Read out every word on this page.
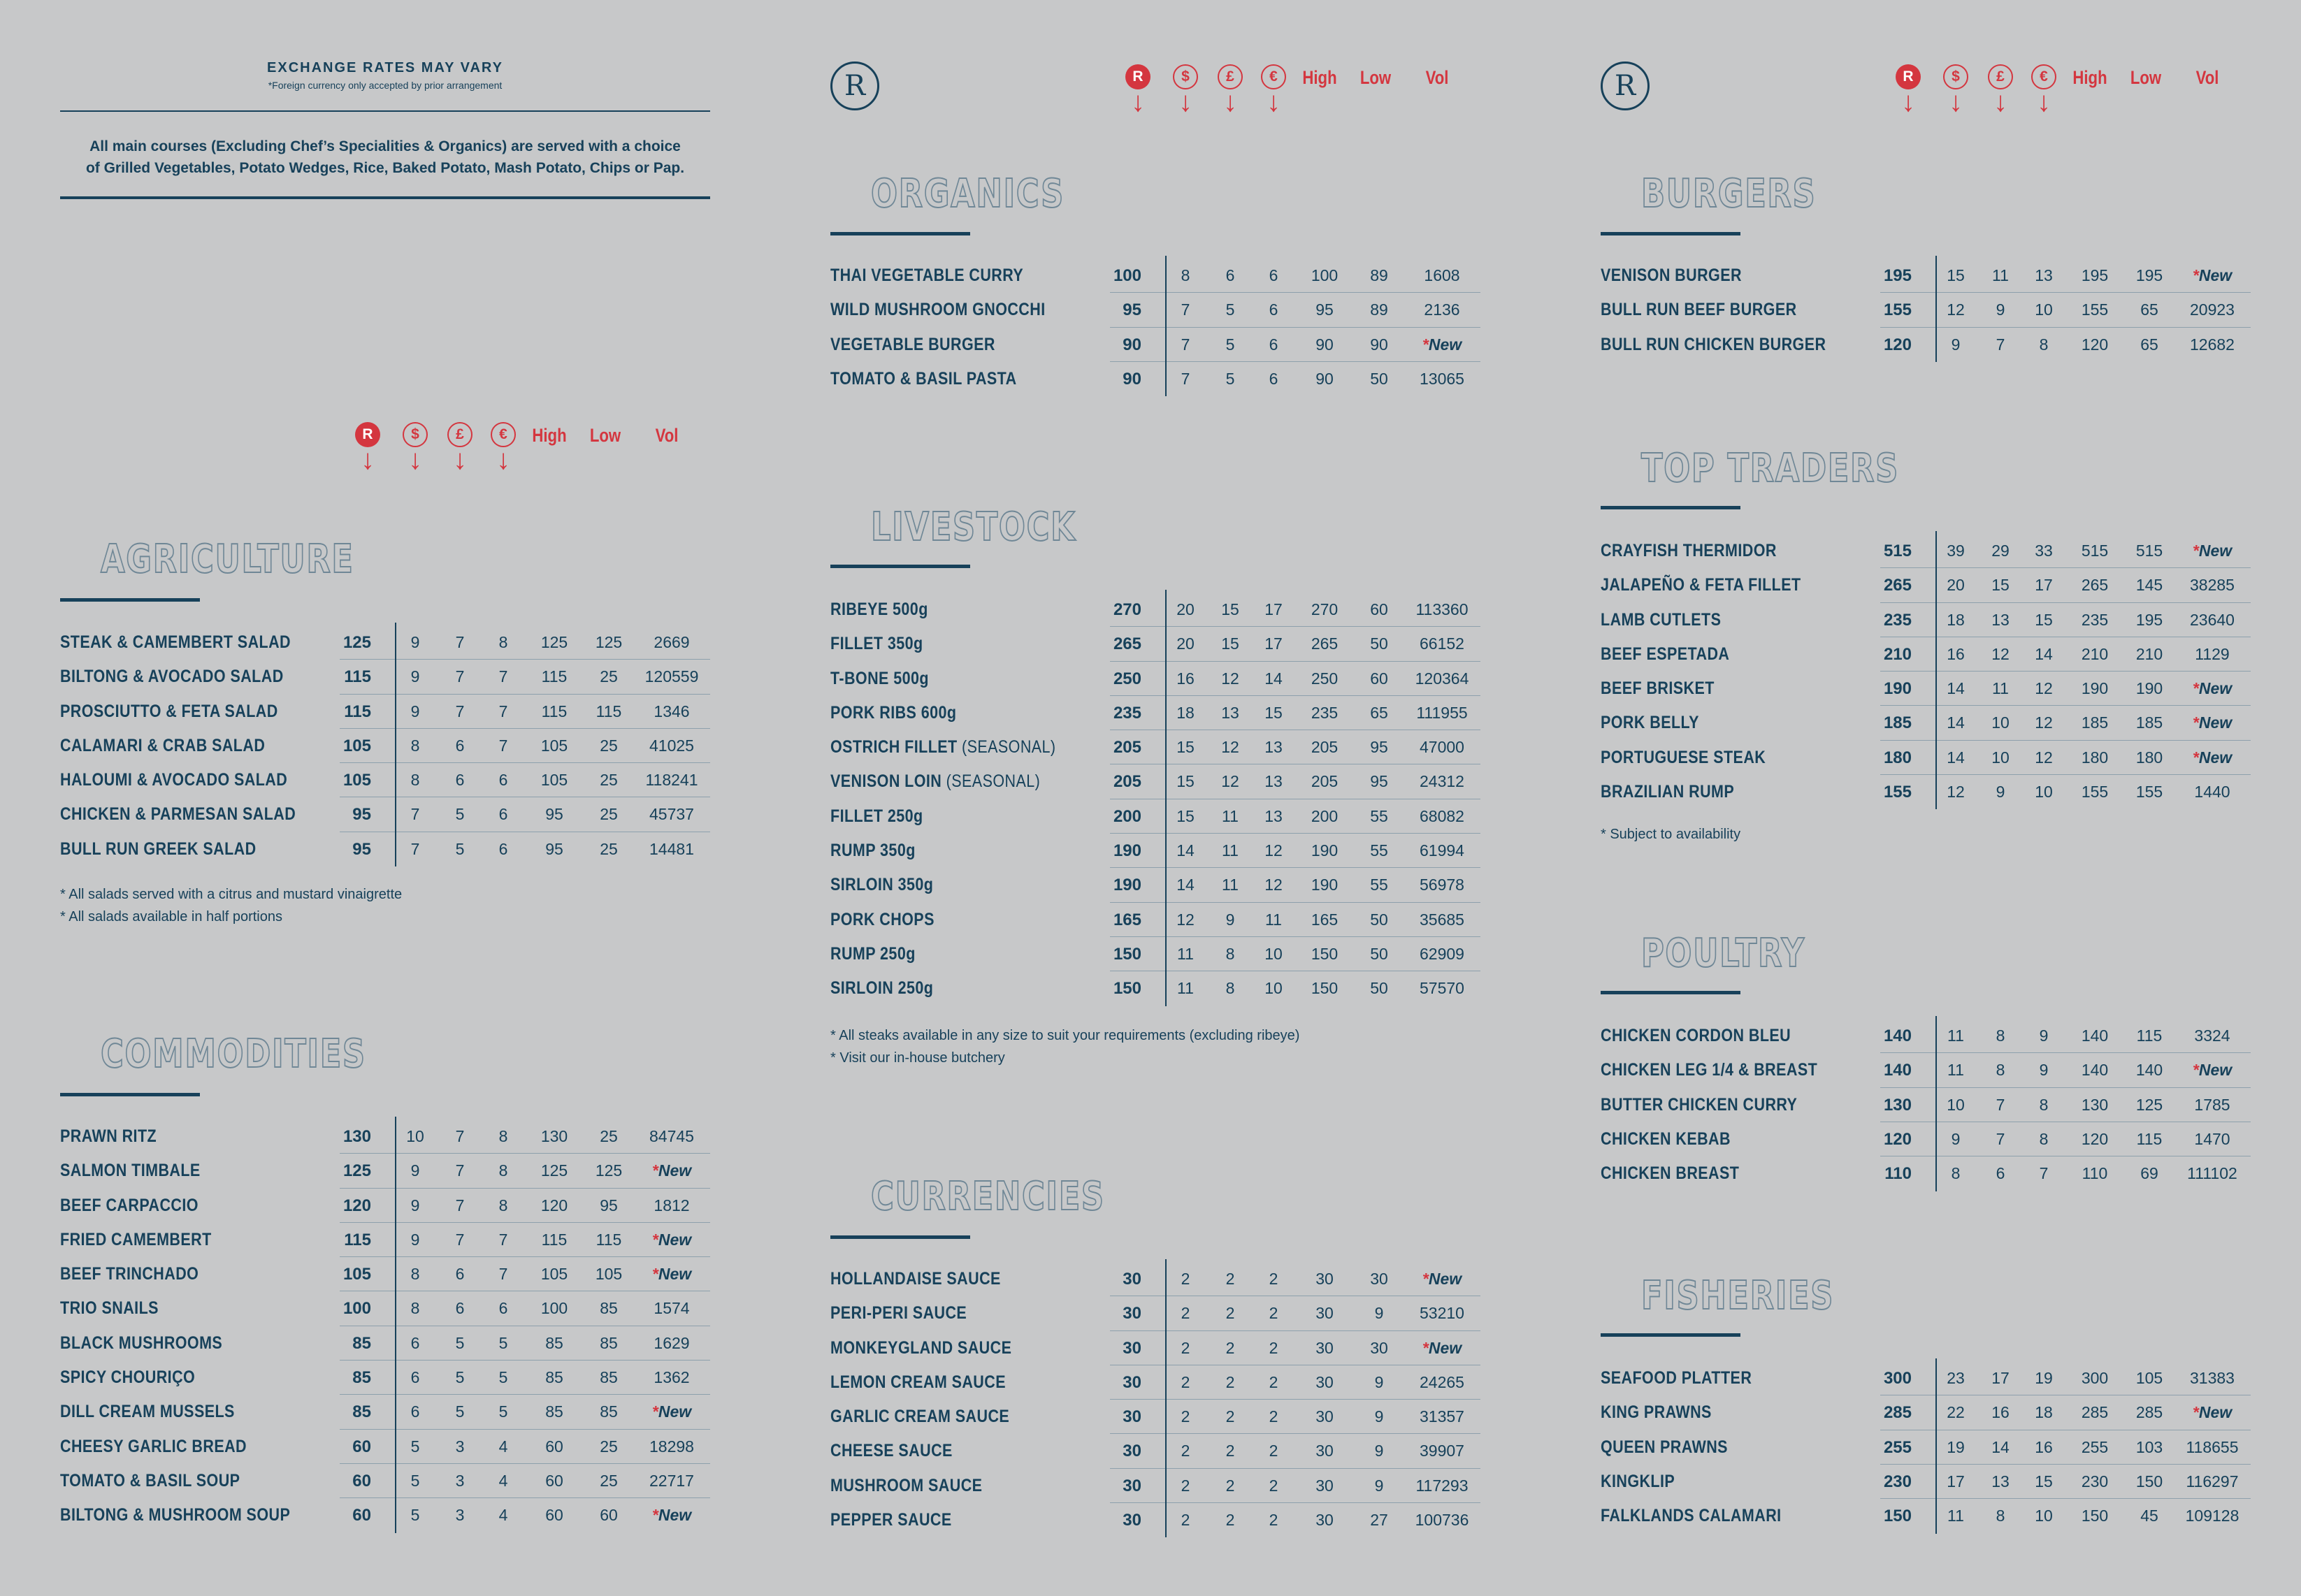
EXCHANGE RATES MAY VARY
*Foreign currency only accepted by prior arrangement
All main courses (Excluding Chef’s Specialities & Organics) are served with a choice
of Grilled Vegetables, Potato Wedges, Rice, Baked Potato, Mash Potato, Chips or Pap.
R
↓
$
↓
£
↓
€
↓
High	Low	Vol
AGRICULTURE
STEAK & CAMEMBERT SALAD	125	9	7	8	125	125	2669
BILTONG & AVOCADO SALAD	115	9	7	7	115	25	120559
PROSCIUTTO & FETA SALAD	115	9	7	7	115	115	1346
CALAMARI & CRAB SALAD	105	8	6	7	105	25	41025
HALOUMI & AVOCADO SALAD	105	8	6	6	105	25	118241
CHICKEN & PARMESAN SALAD	95	7	5	6	95	25	45737
BULL RUN GREEK SALAD	95	7	5	6	95	25	14481
* All salads served with a citrus and mustard vinaigrette
* All salads available in half portions
COMMODITIES
PRAWN RITZ	130	10	7	8	130	25	84745
SALMON TIMBALE	125	9	7	8	125	125	*New
BEEF CARPACCIO	120	9	7	8	120	95	1812
FRIED CAMEMBERT	115	9	7	7	115	115	*New
BEEF TRINCHADO	105	8	6	7	105	105	*New
TRIO SNAILS	100	8	6	6	100	85	1574
BLACK MUSHROOMS	85	6	5	5	85	85	1629
SPICY CHOURIÇO	85	6	5	5	85	85	1362
DILL CREAM MUSSELS	85	6	5	5	85	85	*New
CHEESY GARLIC BREAD	60	5	3	4	60	25	18298
TOMATO & BASIL SOUP	60	5	3	4	60	25	22717
BILTONG & MUSHROOM SOUP	60	5	3	4	60	60	*New
R	R
↓
$
↓
£
↓
€
↓
High	Low	Vol
ORGANICS
THAI VEGETABLE CURRY	100	8	6	6	100	89	1608
WILD MUSHROOM GNOCCHI	95	7	5	6	95	89	2136
VEGETABLE BURGER	90	7	5	6	90	90	*New
TOMATO & BASIL PASTA	90	7	5	6	90	50	13065
LIVESTOCK
RIBEYE 500g	270	20	15	17	270	60	113360
FILLET 350g	265	20	15	17	265	50	66152
T-BONE 500g	250	16	12	14	250	60	120364
PORK RIBS 600g	235	18	13	15	235	65	111955
OSTRICH FILLET (SEASONAL)	205	15	12	13	205	95	47000
VENISON LOIN (SEASONAL)	205	15	12	13	205	95	24312
FILLET 250g	200	15	11	13	200	55	68082
RUMP 350g	190	14	11	12	190	55	61994
SIRLOIN 350g	190	14	11	12	190	55	56978
PORK CHOPS	165	12	9	11	165	50	35685
RUMP 250g	150	11	8	10	150	50	62909
SIRLOIN 250g	150	11	8	10	150	50	57570
* All steaks available in any size to suit your requirements (excluding ribeye)
* Visit our in-house butchery
CURRENCIES
HOLLANDAISE SAUCE	30	2	2	2	30	30	*New
PERI-PERI SAUCE	30	2	2	2	30	9	53210
MONKEYGLAND SAUCE	30	2	2	2	30	30	*New
LEMON CREAM SAUCE	30	2	2	2	30	9	24265
GARLIC CREAM SAUCE	30	2	2	2	30	9	31357
CHEESE SAUCE	30	2	2	2	30	9	39907
MUSHROOM SAUCE	30	2	2	2	30	9	117293
PEPPER SAUCE	30	2	2	2	30	27	100736
R	R
↓
$
↓
£
↓
€
↓
High	Low	Vol
BURGERS
VENISON BURGER	195	15	11	13	195	195	*New
BULL RUN BEEF BURGER	155	12	9	10	155	65	20923
BULL RUN CHICKEN BURGER	120	9	7	8	120	65	12682
TOP TRADERS
CRAYFISH THERMIDOR	515	39	29	33	515	515	*New
JALAPEÑO & FETA FILLET	265	20	15	17	265	145	38285
LAMB CUTLETS	235	18	13	15	235	195	23640
BEEF ESPETADA	210	16	12	14	210	210	1129
BEEF BRISKET	190	14	11	12	190	190	*New
PORK BELLY	185	14	10	12	185	185	*New
PORTUGUESE STEAK	180	14	10	12	180	180	*New
BRAZILIAN RUMP	155	12	9	10	155	155	1440
* Subject to availability
POULTRY
CHICKEN CORDON BLEU	140	11	8	9	140	115	3324
CHICKEN LEG 1/4 & BREAST	140	11	8	9	140	140	*New
BUTTER CHICKEN CURRY	130	10	7	8	130	125	1785
CHICKEN KEBAB	120	9	7	8	120	115	1470
CHICKEN BREAST	110	8	6	7	110	69	111102
FISHERIES
SEAFOOD PLATTER	300	23	17	19	300	105	31383
KING PRAWNS	285	22	16	18	285	285	*New
QUEEN PRAWNS	255	19	14	16	255	103	118655
KINGKLIP	230	17	13	15	230	150	116297
FALKLANDS CALAMARI	150	11	8	10	150	45	109128
